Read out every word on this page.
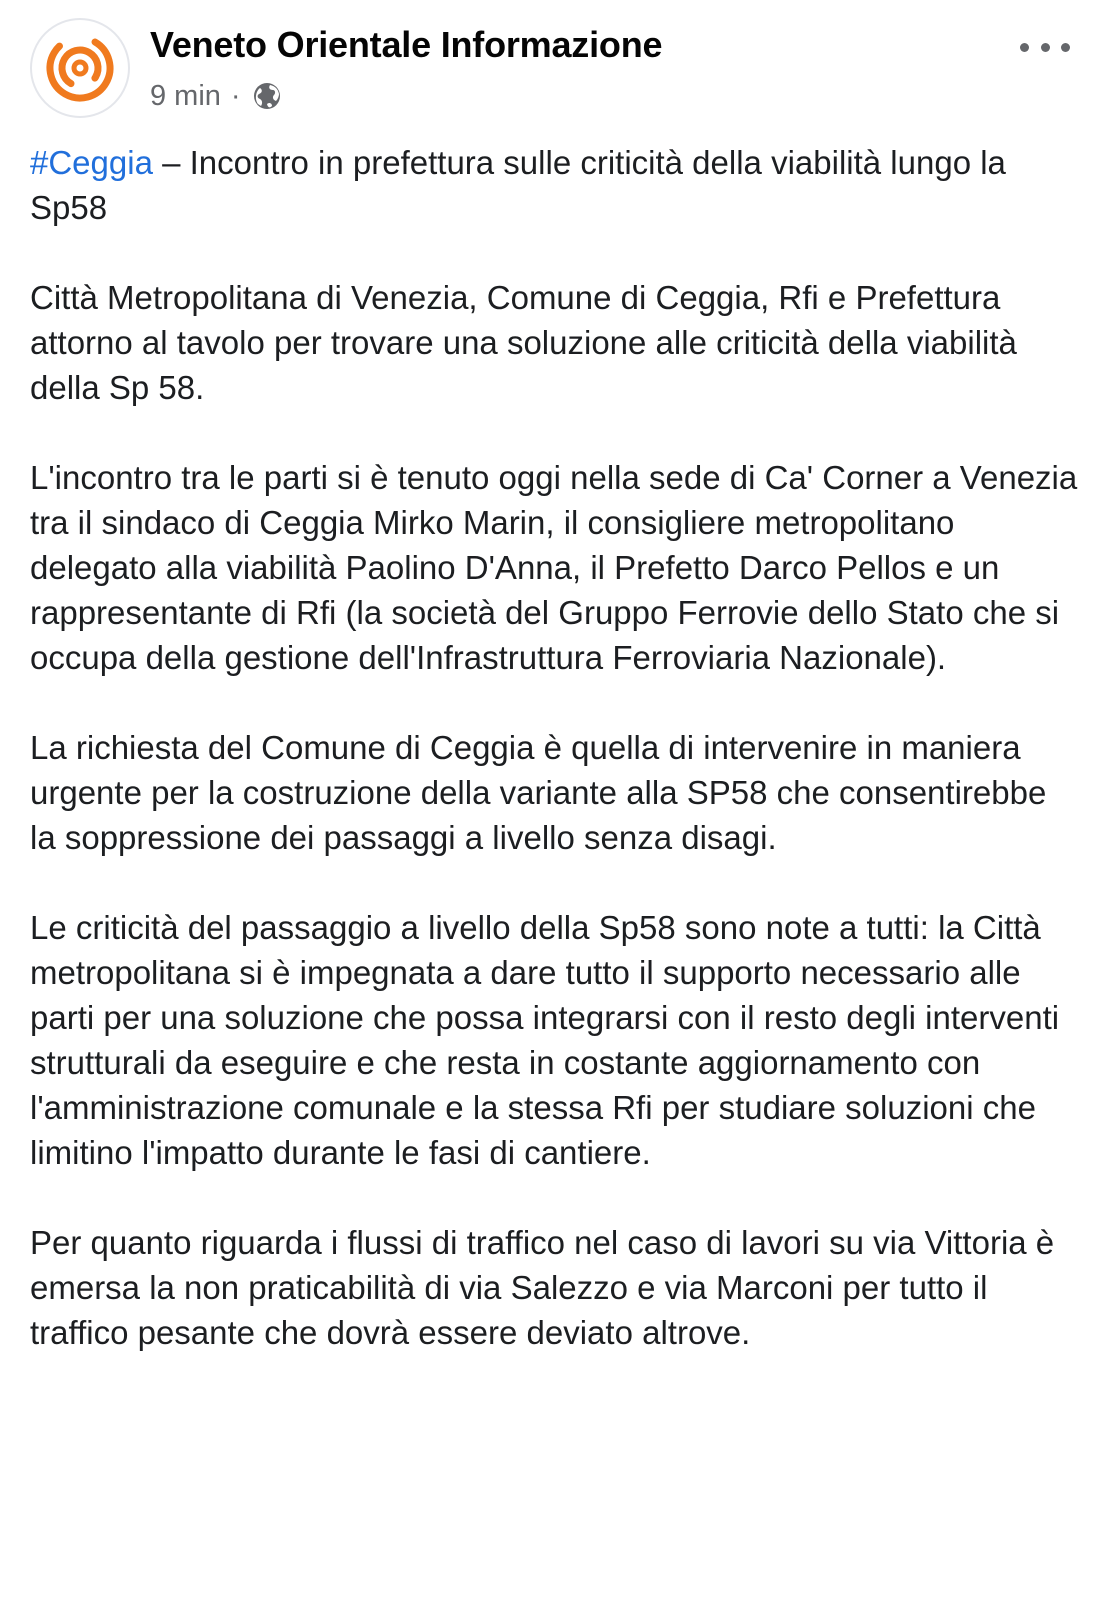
Veneto Orientale Informazione
9 min ·

#Ceggia – Incontro in prefettura sulle criticità della viabilità lungo la Sp58

Città Metropolitana di Venezia, Comune di Ceggia, Rfi e Prefettura attorno al tavolo per trovare una soluzione alle criticità della viabilità della Sp 58.

L'incontro tra le parti si è tenuto oggi nella sede di Ca' Corner a Venezia tra il sindaco di Ceggia Mirko Marin, il consigliere metropolitano delegato alla viabilità Paolino D'Anna, il Prefetto Darco Pellos e un rappresentante di Rfi (la società del Gruppo Ferrovie dello Stato che si occupa della gestione dell'Infrastruttura Ferroviaria Nazionale).

La richiesta del Comune di Ceggia è quella di intervenire in maniera urgente per la costruzione della variante alla SP58 che consentirebbe la soppressione dei passaggi a livello senza disagi.

Le criticità del passaggio a livello della Sp58 sono note a tutti: la Città metropolitana si è impegnata a dare tutto il supporto necessario alle parti per una soluzione che possa integrarsi con il resto degli interventi strutturali da eseguire e che resta in costante aggiornamento con l'amministrazione comunale e la stessa Rfi per studiare soluzioni che limitino l'impatto durante le fasi di cantiere.

Per quanto riguarda i flussi di traffico nel caso di lavori su via Vittoria è emersa la non praticabilità di via Salezzo e via Marconi per tutto il traffico pesante che dovrà essere deviato altrove.
